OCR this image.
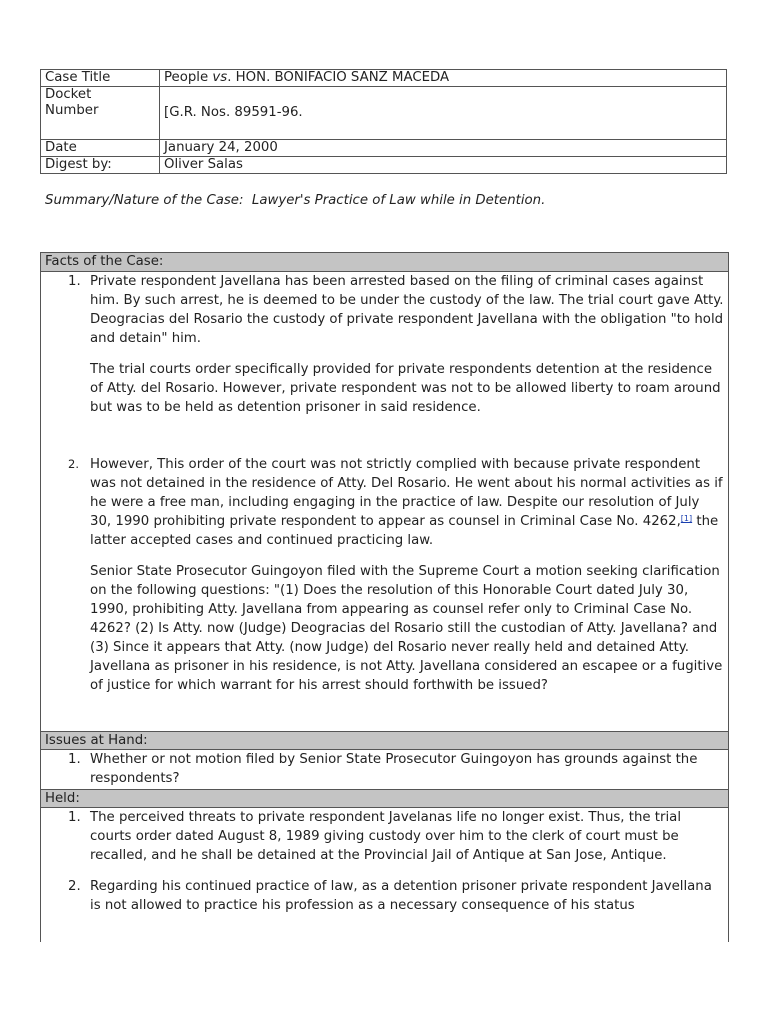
Case Title	People vs. HON. BONIFACIO SANZ MACEDA
Docket
Number	[G.R. Nos. 89591-96.
Date	January 24, 2000
Digest by:	Oliver Salas
Summary/Nature of the Case:  Lawyer's Practice of Law while in Detention.
Facts of the Case:
1. Private respondent Javellana has been arrested based on the filing of criminal cases against him. By such arrest, he is deemed to be under the custody of the law. The trial court gave Atty. Deogracias del Rosario the custody of private respondent Javellana with the obligation "to hold and detain" him.

The trial courts order specifically provided for private respondents detention at the residence of Atty. del Rosario. However, private respondent was not to be allowed liberty to roam around but was to be held as detention prisoner in said residence.

2. However, This order of the court was not strictly complied with because private respondent was not detained in the residence of Atty. Del Rosario. He went about his normal activities as if he were a free man, including engaging in the practice of law. Despite our resolution of July 30, 1990 prohibiting private respondent to appear as counsel in Criminal Case No. 4262,[1] the latter accepted cases and continued practicing law.

Senior State Prosecutor Guingoyon filed with the Supreme Court a motion seeking clarification on the following questions: "(1) Does the resolution of this Honorable Court dated July 30, 1990, prohibiting Atty. Javellana from appearing as counsel refer only to Criminal Case No. 4262? (2) Is Atty. now (Judge) Deogracias del Rosario still the custodian of Atty. Javellana? and (3) Since it appears that Atty. (now Judge) del Rosario never really held and detained Atty. Javellana as prisoner in his residence, is not Atty. Javellana considered an escapee or a fugitive of justice for which warrant for his arrest should forthwith be issued?

Issues at Hand:
1. Whether or not motion filed by Senior State Prosecutor Guingoyon has grounds against the respondents?

Held:
1. The perceived threats to private respondent Javelanas life no longer exist. Thus, the trial courts order dated August 8, 1989 giving custody over him to the clerk of court must be recalled, and he shall be detained at the Provincial Jail of Antique at San Jose, Antique.

2. Regarding his continued practice of law, as a detention prisoner private respondent Javellana is not allowed to practice his profession as a necessary consequence of his status
